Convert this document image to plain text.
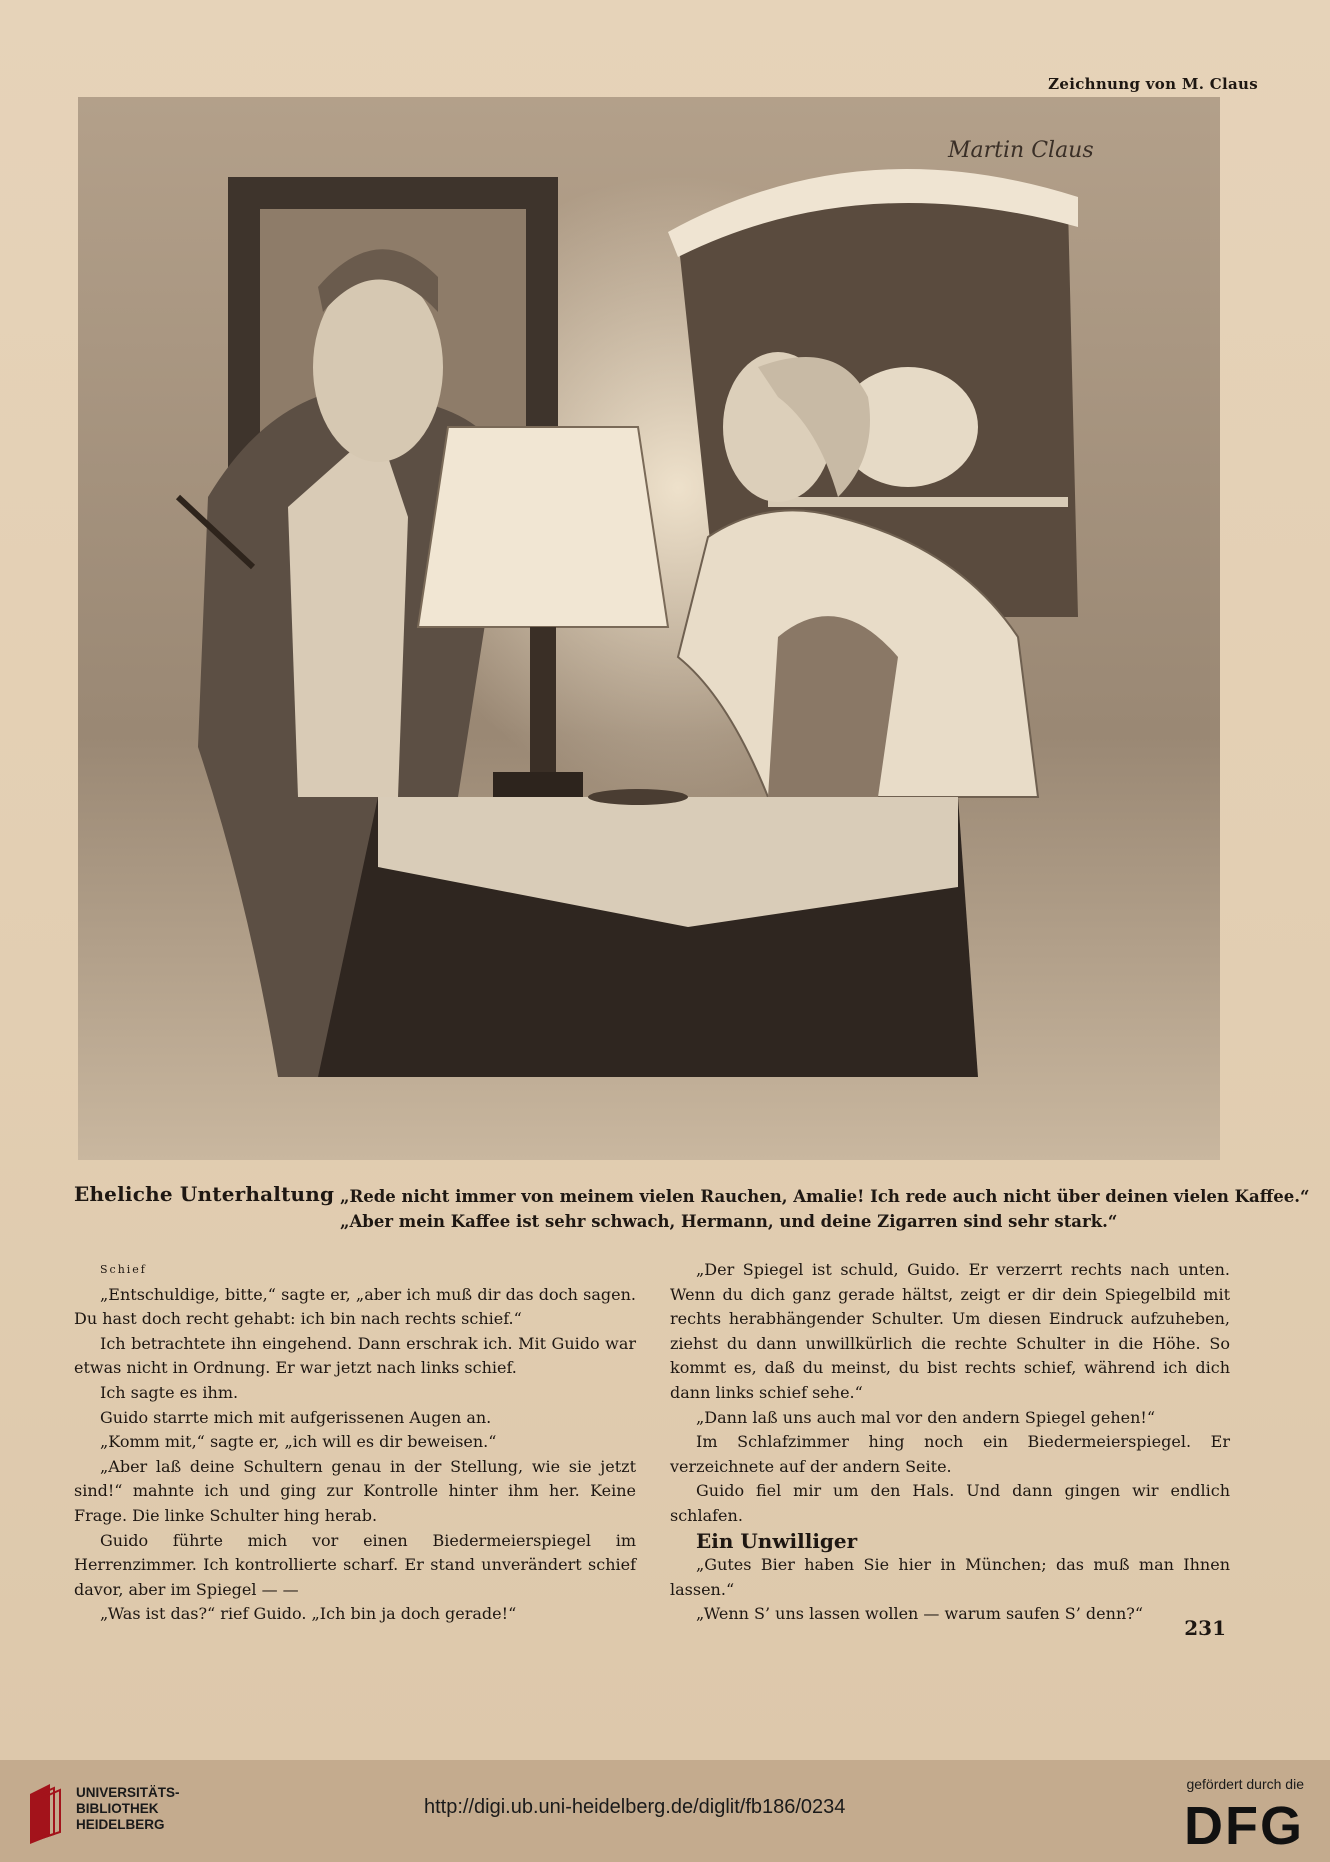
Zeichnung von M. Claus
Martin Claus
Eheliche Unterhaltung „Rede nicht immer von meinem vielen Rauchen, Amalie! Ich rede auch nicht über deinen vielen Kaffee.“
„Aber mein Kaffee ist sehr schwach, Hermann, und deine Zigarren sind sehr stark.“

Schief

„Entschuldige, bitte,“ sagte er, „aber ich muß dir das doch sagen. Du hast doch recht gehabt: ich bin nach rechts schief.“

Ich betrachtete ihn eingehend. Dann erschrak ich. Mit Guido war etwas nicht in Ordnung. Er war jetzt nach links schief.

Ich sagte es ihm.

Guido starrte mich mit aufgerissenen Augen an.

„Komm mit,“ sagte er, „ich will es dir beweisen.“

„Aber laß deine Schultern genau in der Stellung, wie sie jetzt sind!“ mahnte ich und ging zur Kontrolle hinter ihm her. Keine Frage. Die linke Schulter hing herab.

Guido führte mich vor einen Biedermeierspiegel im Herrenzimmer. Ich kontrollierte scharf. Er stand unverändert schief davor, aber im Spiegel — —

„Was ist das?“ rief Guido. „Ich bin ja doch gerade!“

„Der Spiegel ist schuld, Guido. Er verzerrt rechts nach unten. Wenn du dich ganz gerade hältst, zeigt er dir dein Spiegelbild mit rechts herabhängender Schulter. Um diesen Eindruck aufzuheben, ziehst du dann unwillkürlich die rechte Schulter in die Höhe. So kommt es, daß du meinst, du bist rechts schief, während ich dich dann links schief sehe.“

„Dann laß uns auch mal vor den andern Spiegel gehen!“

Im Schlafzimmer hing noch ein Biedermeierspiegel. Er verzeichnete auf der andern Seite.

Guido fiel mir um den Hals. Und dann gingen wir endlich schlafen.

Ein Unwilliger

„Gutes Bier haben Sie hier in München; das muß man Ihnen lassen.“

„Wenn S’ uns lassen wollen — warum saufen S’ denn?“

231
UNIVERSITÄTS-
BIBLIOTHEK
HEIDELBERG
http://digi.ub.uni-heidelberg.de/diglit/fb186/0234
gefördert durch die
DFG
